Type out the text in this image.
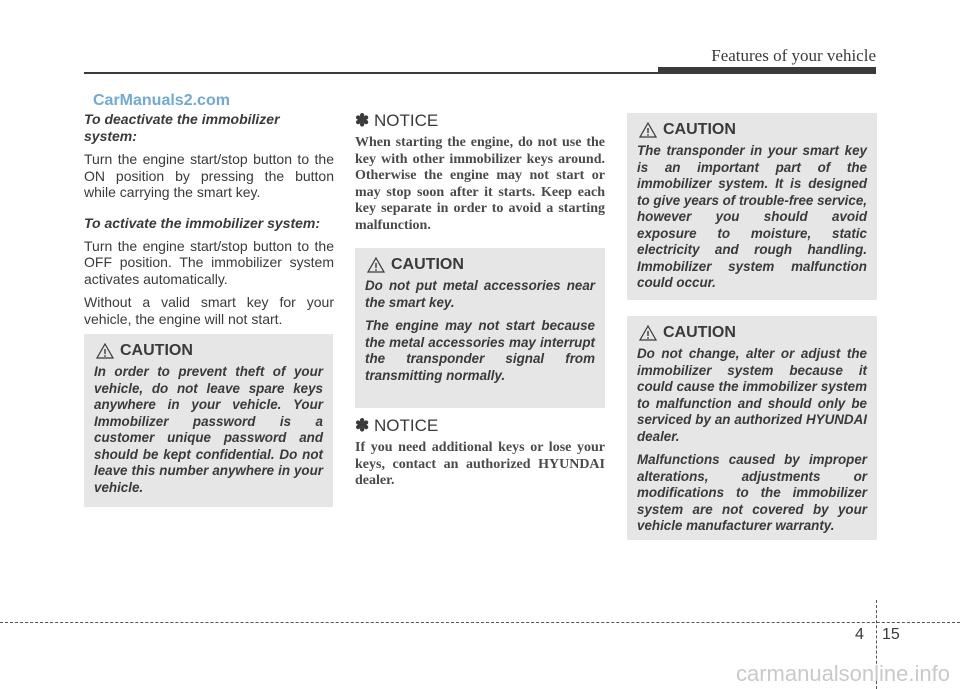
Features of your vehicle
CarManuals2.com

To deactivate the immobilizer system:

Turn the engine start/stop button to the ON position by pressing the button while carrying the smart key.

To activate the immobilizer system:

Turn the engine start/stop button to the OFF position. The immobilizer system activates automatically.

Without a valid smart key for your vehicle, the engine will not start.

CAUTION

In order to prevent theft of your vehicle, do not leave spare keys anywhere in your vehicle. Your Immobilizer password is a customer unique password and should be kept confidential. Do not leave this number anywhere in your vehicle.

✽ NOTICE

When starting the engine, do not use the key with other immobilizer keys around. Otherwise the engine may not start or may stop soon after it starts. Keep each key separate in order to avoid a starting malfunction.

CAUTION

Do not put metal accessories near the smart key.

The engine may not start because the metal accessories may interrupt the transponder signal from transmitting normally.

✽ NOTICE

If you need additional keys or lose your keys, contact an authorized HYUNDAI dealer.

CAUTION

The transponder in your smart key is an important part of the immobilizer system. It is designed to give years of trouble-free service, however you should avoid exposure to moisture, static electricity and rough handling. Immobilizer system malfunction could occur.

CAUTION

Do not change, alter or adjust the immobilizer system because it could cause the immobilizer system to malfunction and should only be serviced by an authorized HYUNDAI dealer.

Malfunctions caused by improper alterations, adjustments or modifications to the immobilizer system are not covered by your vehicle manufacturer warranty.

4 15
carmanualsonline.info
